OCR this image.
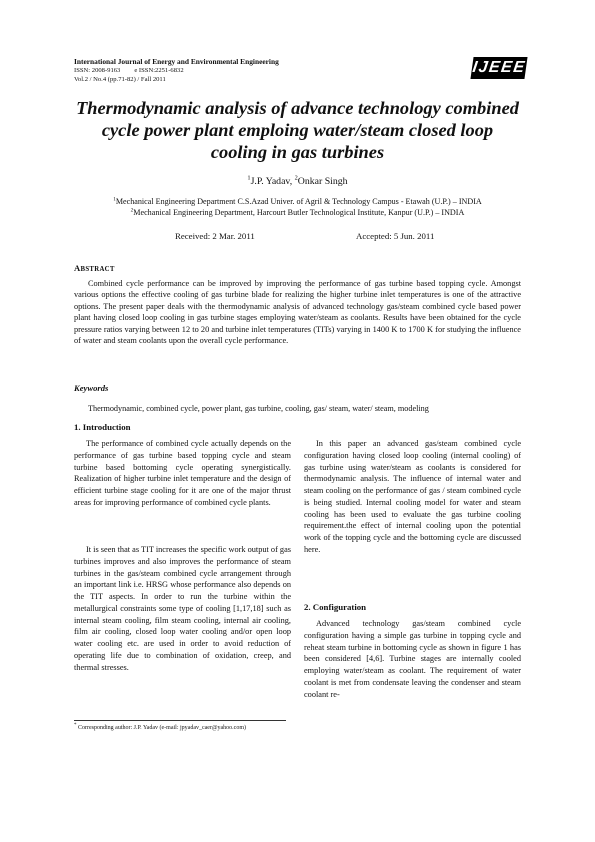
International Journal of Energy and Environmental Engineering
ISSN: 2008-9163 e ISSN:2251-6832
Vol.2 / No.4 (pp.71-82) / Fall 2011
IJEEE
Thermodynamic analysis of advance technology combined cycle power plant emploing water/steam closed loop cooling in gas turbines
$^1$J.P. Yadav, $^2$Onkar Singh
$^1$Mechanical Engineering Department C.S.Azad Univer. of Agril & Technology Campus - Etawah (U.P.) – INDIA
$^2$Mechanical Engineering Department, Harcourt Butler Technological Institute, Kanpur (U.P.) – INDIA
Received: 2 Mar. 2011	Accepted: 5 Jun. 2011
ABSTRACT

Combined cycle performance can be improved by improving the performance of gas turbine based topping cycle. Amongst various options the effective cooling of gas turbine blade for realizing the higher turbine inlet temperatures is one of the attractive options. The present paper deals with the thermodynamic analysis of advanced technology gas/steam combined cycle based power plant having closed loop cooling in gas turbine stages employing water/steam as coolants. Results have been obtained for the cycle pressure ratios varying between 12 to 20 and turbine inlet temperatures (TITs) varying in 1400 K to 1700 K for studying the influence of water and steam coolants upon the overall cycle performance.

Keywords
Thermodynamic, combined cycle, power plant, gas turbine, cooling, gas/ steam, water/ steam, modeling
1. Introduction

The performance of combined cycle actually depends on the performance of gas turbine based topping cycle and steam turbine based bottoming cycle operating synergistically. Realization of higher turbine inlet temperature and the design of efficient turbine stage cooling for it are one of the major thrust areas for improving performance of combined cycle plants.

It is seen that as TIT increases the specific work output of gas turbines improves and also improves the performance of steam turbines in the gas/steam combined cycle arrangement through an important link i.e. HRSG whose performance also depends on the TIT aspects. In order to run the turbine within the metallurgical constraints some type of cooling [1,17,18] such as internal steam cooling, film steam cooling, internal air cooling, film air cooling, closed loop water cooling and/or open loop water cooling etc. are used in order to avoid reduction of operating life due to combination of oxidation, creep, and thermal stresses.

In this paper an advanced gas/steam combined cycle configuration having closed loop cooling (internal cooling) of gas turbine using water/steam as coolants is considered for thermodynamic analysis. The influence of internal water and steam cooling on the performance of gas / steam combined cycle is being studied. Internal cooling model for water and steam cooling has been used to evaluate the gas turbine cooling requirement.the effect of internal cooling upon the potential work of the topping cycle and the bottoming cycle are discussed here.

2. Configuration

Advanced technology gas/steam combined cycle configuration having a simple gas turbine in topping cycle and reheat steam turbine in bottoming cycle as shown in figure 1 has been considered [4,6]. Turbine stages are internally cooled employing water/steam as coolant. The requirement of water coolant is met from condensate leaving the condenser and steam coolant re-

* Corresponding author: J.P. Yadav (e-mail: jpyadav_caer@yahoo.com)
